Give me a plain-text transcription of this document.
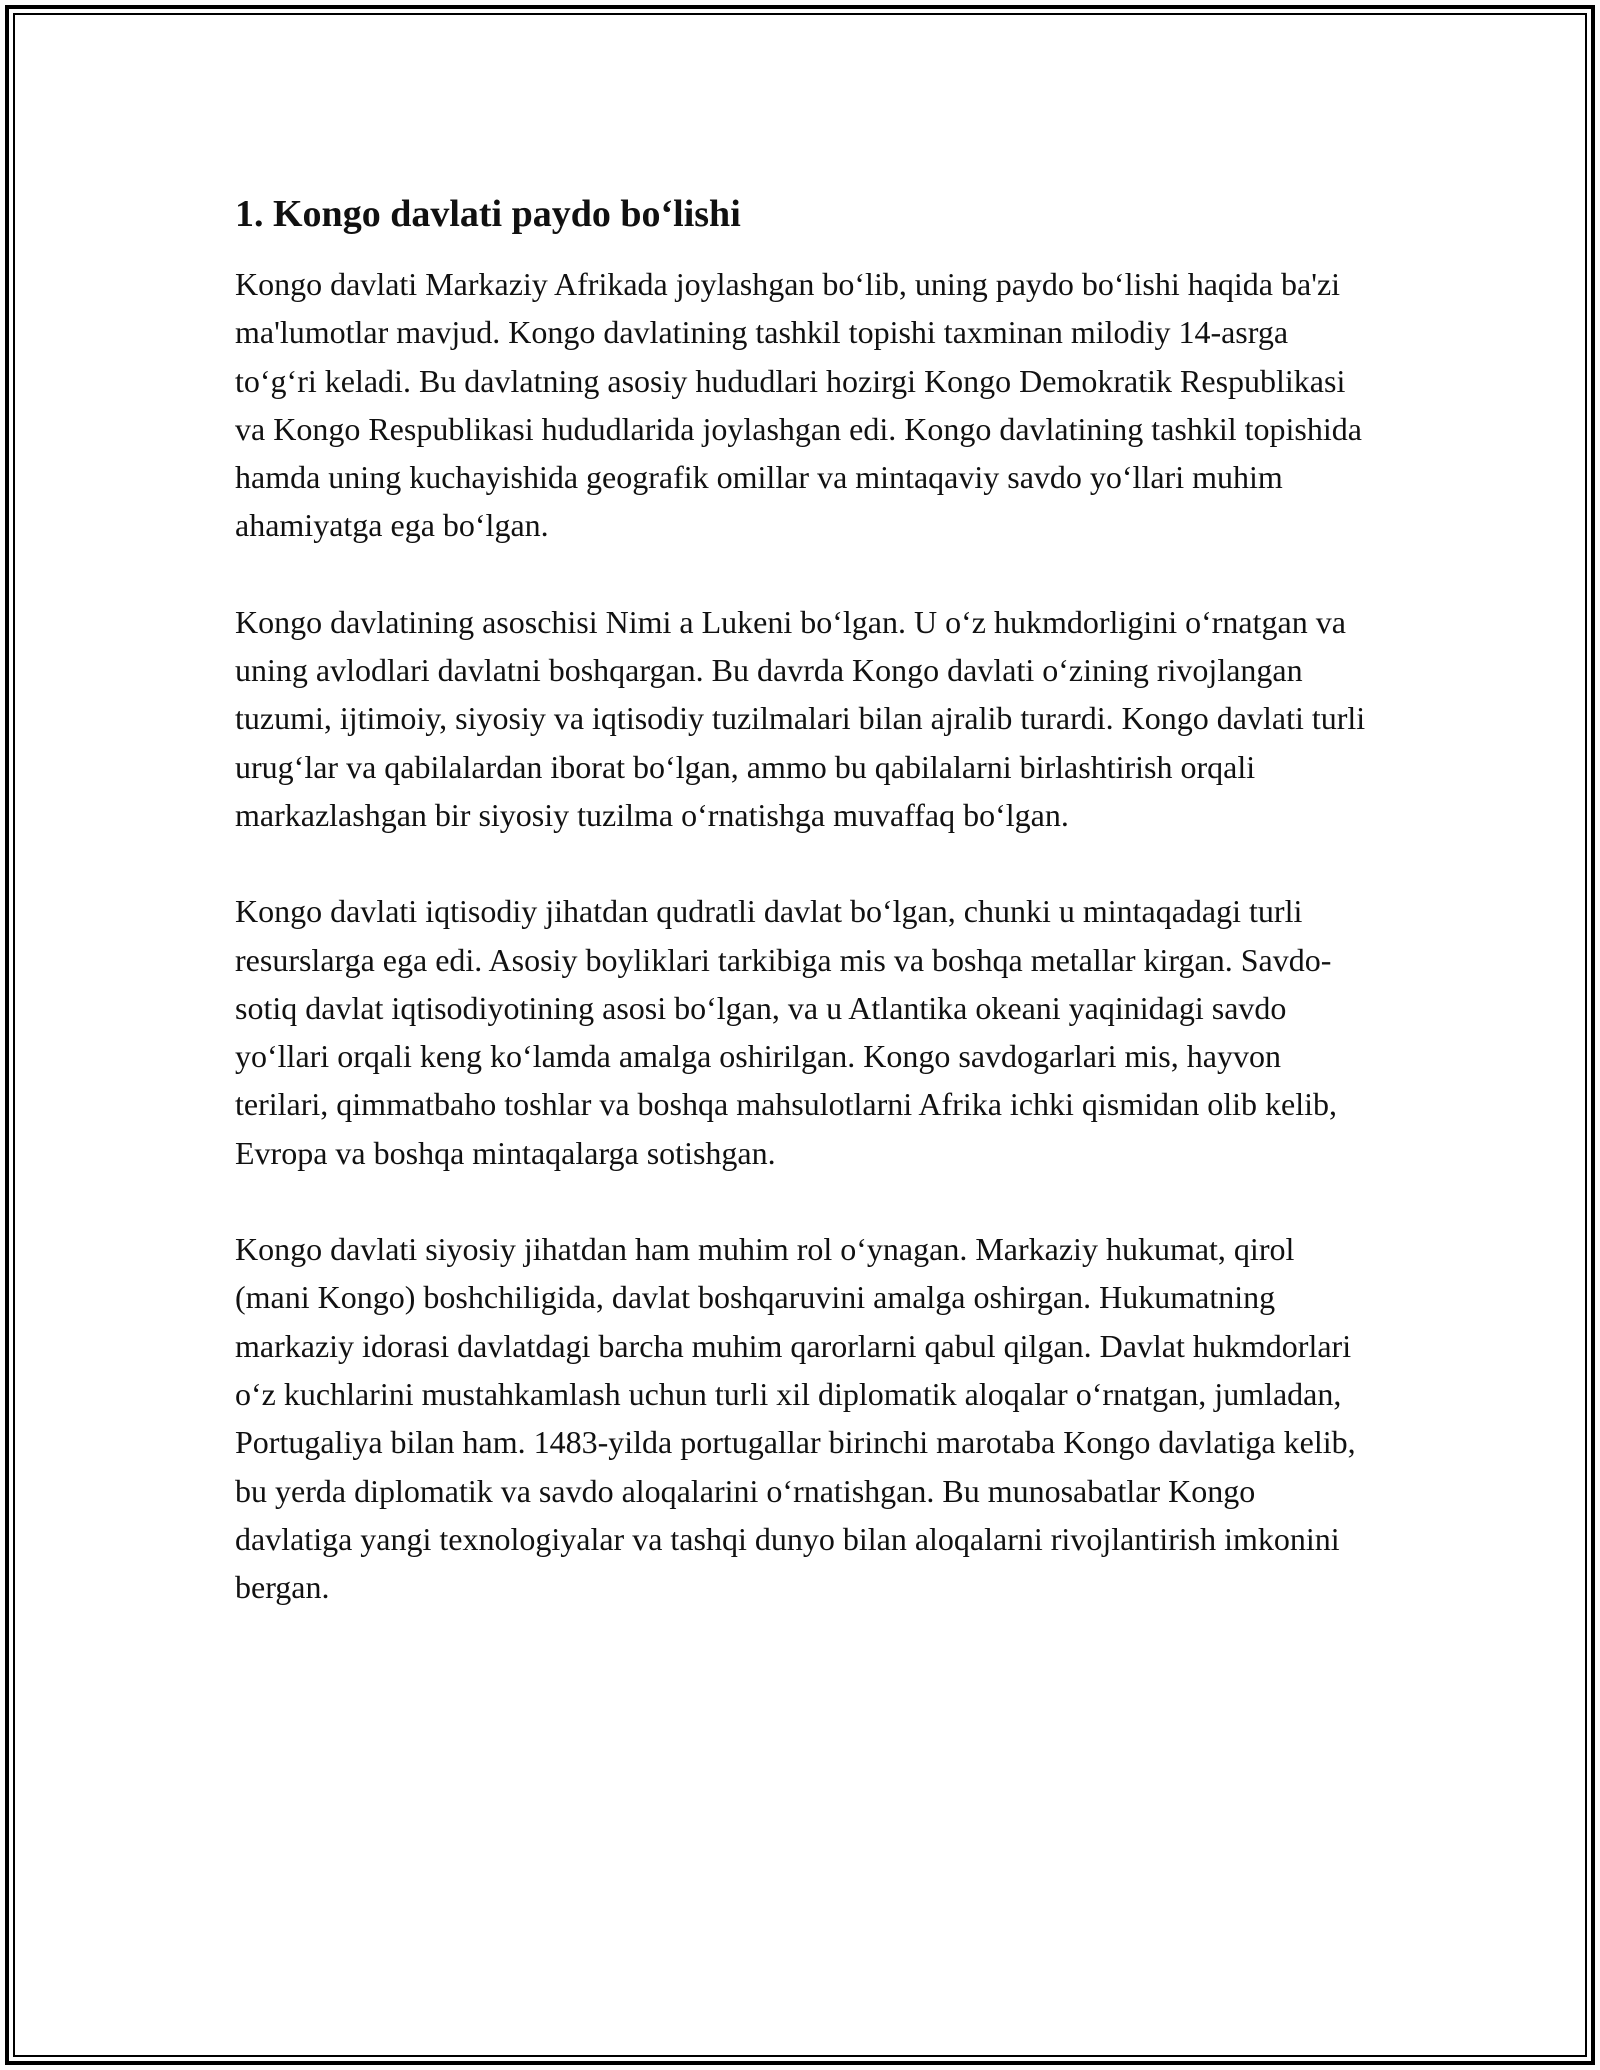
1. Kongo davlati paydo bo‘lishi

Kongo davlati Markaziy Afrikada joylashgan bo‘lib, uning paydo bo‘lishi haqida ba'zi ma'lumotlar mavjud. Kongo davlatining tashkil topishi taxminan milodiy 14-asrga to‘g‘ri keladi. Bu davlatning asosiy hududlari hozirgi Kongo Demokratik Respublikasi va Kongo Respublikasi hududlarida joylashgan edi. Kongo davlatining tashkil topishida hamda uning kuchayishida geografik omillar va mintaqaviy savdo yo‘llari muhim ahamiyatga ega bo‘lgan.

Kongo davlatining asoschisi Nimi a Lukeni bo‘lgan. U o‘z hukmdorligini o‘rnatgan va uning avlodlari davlatni boshqargan. Bu davrda Kongo davlati o‘zining rivojlangan tuzumi, ijtimoiy, siyosiy va iqtisodiy tuzilmalari bilan ajralib turardi. Kongo davlati turli urug‘lar va qabilalardan iborat bo‘lgan, ammo bu qabilalarni birlashtirish orqali markazlashgan bir siyosiy tuzilma o‘rnatishga muvaffaq bo‘lgan.

Kongo davlati iqtisodiy jihatdan qudratli davlat bo‘lgan, chunki u mintaqadagi turli resurslarga ega edi. Asosiy boyliklari tarkibiga mis va boshqa metallar kirgan. Savdo-sotiq davlat iqtisodiyotining asosi bo‘lgan, va u Atlantika okeani yaqinidagi savdo yo‘llari orqali keng ko‘lamda amalga oshirilgan. Kongo savdogarlari mis, hayvon terilari, qimmatbaho toshlar va boshqa mahsulotlarni Afrika ichki qismidan olib kelib, Evropa va boshqa mintaqalarga sotishgan.

Kongo davlati siyosiy jihatdan ham muhim rol o‘ynagan. Markaziy hukumat, qirol (mani Kongo) boshchiligida, davlat boshqaruvini amalga oshirgan. Hukumatning markaziy idorasi davlatdagi barcha muhim qarorlarni qabul qilgan. Davlat hukmdorlari o‘z kuchlarini mustahkamlash uchun turli xil diplomatik aloqalar o‘rnatgan, jumladan, Portugaliya bilan ham. 1483-yilda portugallar birinchi marotaba Kongo davlatiga kelib, bu yerda diplomatik va savdo aloqalarini o‘rnatishgan. Bu munosabatlar Kongo davlatiga yangi texnologiyalar va tashqi dunyo bilan aloqalarni rivojlantirish imkonini bergan.
